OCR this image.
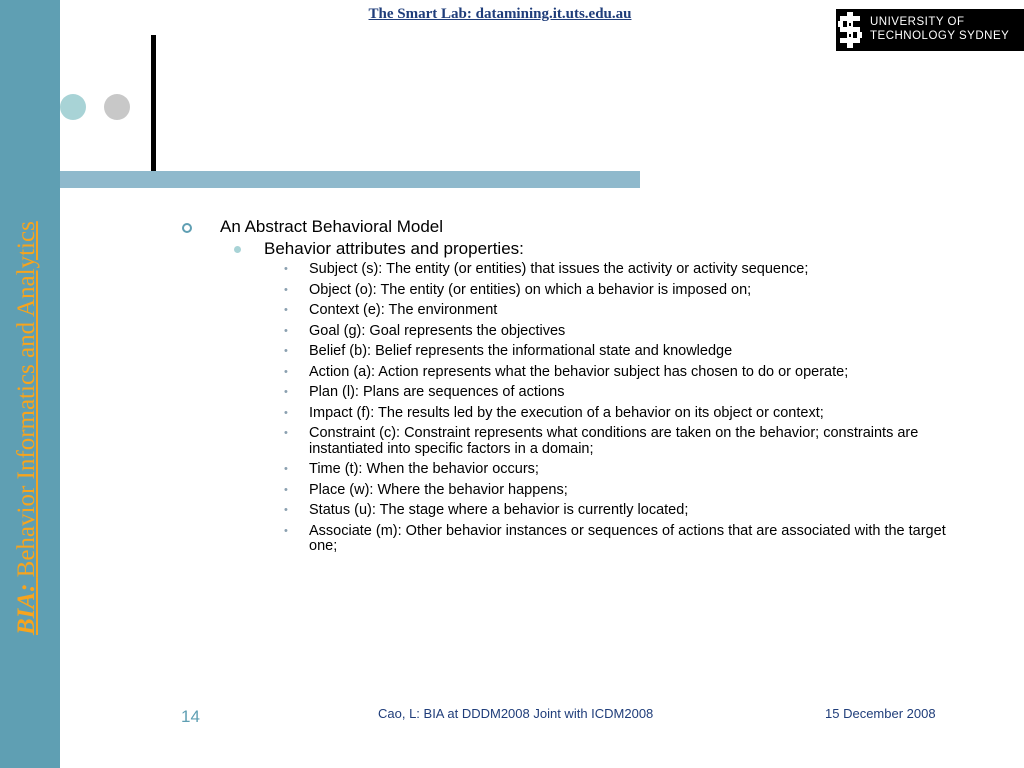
BIA: Behavior Informatics and Analytics
The Smart Lab: datamining.it.uts.edu.au	UNIVERSITY OF
TECHNOLOGY SYDNEY
An Abstract Behavioral Model
Behavior attributes and properties:
• Subject (s): The entity (or entities) that issues the activity or activity sequence;
• Object (o): The entity (or entities) on which a behavior is imposed on;
• Context (e): The environment
• Goal (g): Goal represents the objectives
• Belief (b): Belief represents the informational state and knowledge
• Action (a): Action represents what the behavior subject has chosen to do or operate;
• Plan (l): Plans are sequences of actions
• Impact (f): The results led by the execution of a behavior on its object or context;
• Constraint (c): Constraint represents what conditions are taken on the behavior; constraints are instantiated into specific factors in a domain;
• Time (t): When the behavior occurs;
• Place (w): Where the behavior happens;
• Status (u): The stage where a behavior is currently located;
• Associate (m): Other behavior instances or sequences of actions that are associated with the target one;
14	Cao, L: BIA at DDDM2008 Joint with ICDM2008	15 December 2008
